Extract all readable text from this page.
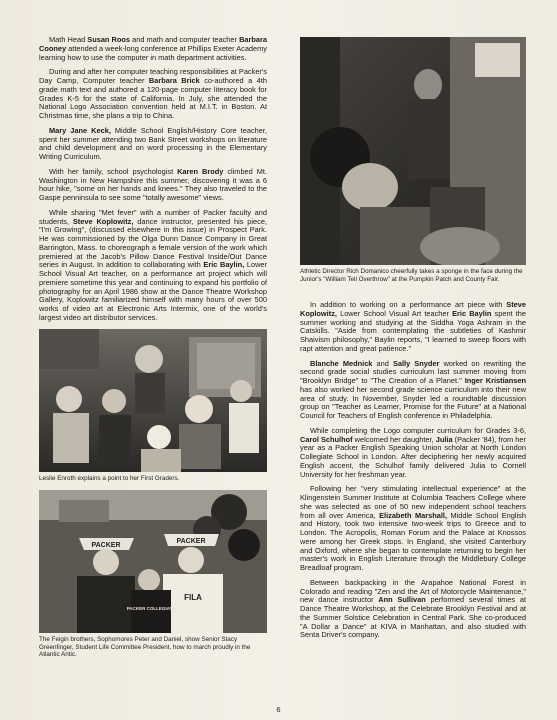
Math Head Susan Roos and math and computer teacher Barbara Cooney attended a week-long conference at Phillips Exeter Academy learning how to use the computer in math department activities.

During and after her computer teaching responsibilities at Packer's Day Camp, Computer teacher Barbara Brick co-authored a 4th grade math text and authored a 120-page computer literacy book for Grades K-5 for the state of California. In July, she attended the National Logo Association convention held at M.I.T. in Boston. At Christmas time, she plans a trip to China.

Mary Jane Keck, Middle School English/History Core teacher, spent her summer attending two Bank Street workshops on literature and child development and on word processing in the Elementary Writing Curriculum.

With her family, school psychologist Karen Brody climbed Mt. Washington in New Hampshire this summer, discovering it was a 6 hour hike, "some on her hands and knees." They also traveled to the Gaspe penninsula to see some "totally awesome" views.

While sharing "Met fever" with a number of Packer faculty and students, Steve Koplowitz, dance instructor, presented his piece, "I'm Growing", (discussed elsewhere in this issue) in Prospect Park. He was commissioned by the Olga Dunn Dance Company in Great Barrington, Mass. to choreograph a female version of the work which premiered at the Jacob's Pillow Dance Festival Inside/Out Dance series in August. In addition to collaborating with Eric Baylin, Lower School Visual Art teacher, on a performance art project which will premiere sometime this year and continuing to expand his portfolio of photography for an April 1986 show at the Dance Theatre Workshop Gallery, Koplowitz familiarized himself with many hours of over 500 works of video art at Electronic Arts Intermix, one of the world's largest video art distributor services.

Leslie Enroth explains a point to her First Graders.

PACKER
PACKER
FILA
PACKER COLLEGIATE

The Feigin brothers, Sophomores Peter and Daniel, show Senior Stacy Greenfinger, Student Life Committee President, how to march proudly in the Atlantic Antic.

Athletic Director Rich Domanico cheerfully takes a sponge in the face during the Junior's "William Tell Overthrow" at the Pumpkin Patch and County Fair.

In addition to working on a performance art piece with Steve Koplowitz, Lower School Visual Art teacher Eric Baylin spent the summer working and studying at the Siddha Yoga Ashram in the Catskills. "Aside from contemplating the subtleties of Kashmir Shaivism philosophy," Baylin reports, "I learned to sweep floors with rapt attention and great patience."

Blanche Mednick and Sally Snyder worked on rewriting the second grade social studies curriculum last summer moving from "Brooklyn Bridge" to "The Creation of a Planet." Inger Kristiansen has also worked her second grade science curriculum into their new area of study. In November, Snyder led a roundtable discussion group on "Teacher as Learner, Promise for the Future" at a National Council for Teachers of English conference in Philadelphia.

While completing the Logo computer curriculum for Grades 3-6, Carol Schulhof welcomed her daughter, Julia (Packer '84), from her year as a Packer English Speaking Union scholar at North London Collegiate School in London. After deciphering her newly acquired English accent, the Schulhof family delivered Julia to Cornell University for her freshman year.

Following her "very stimulating intellectual experience" at the Klingenstein Summer Institute at Columbia Teachers College where she was selected as one of 50 new independent school teachers from all over America, Elizabeth Marshall, Middle School English and History, took two intensive two-week trips to Greece and to London. The Acropolis, Roman Forum and the Palace at Knossos were among her Greek stops. In England, she visited Canterbury and Oxford, where she began to contemplate returning to begin her master's work in English Literature through the Middlebury College Breadloaf program.

Between backpacking in the Arapahoe National Forest in Colorado and reading "Zen and the Art of Motorcycle Maintenance," new dance instructor Ann Sullivan performed several times at Dance Theatre Workshop, at the Celebrate Brooklyn Festival and at the Summer Solstice Celebration in Central Park. She co-produced "A Dollar a Dance" at KIVA in Manhattan, and also studied with Senta Driver's company.

6
